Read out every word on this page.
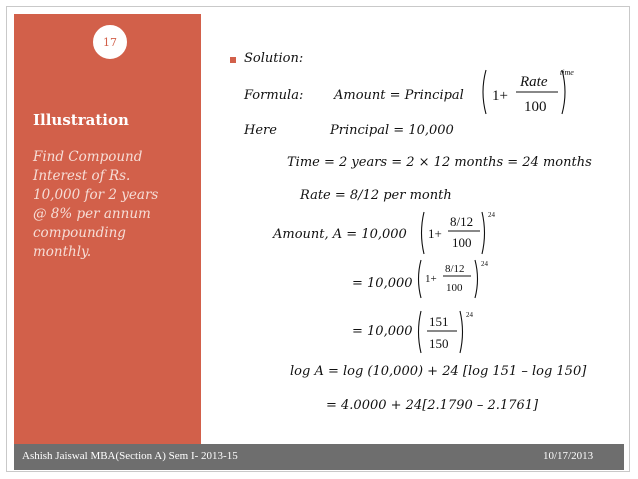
17
Illustration
Find Compound
Interest of Rs.
10,000 for 2 years
@ 8% per annum
compounding
monthly.
Solution:
Formula: Amount = Principal 1+
Rate
100
time
Here	Principal = 10,000
Time = 2 years = 2 × 12 months = 24 months
Rate = 8/12 per month
Amount, A = 10,000 1+
8/12
100
24
= 10,000 1+
8/12
100
24
= 10,000
151
150
24
log A = log (10,000) + 24 [log 151 – log 150]
= 4.0000 + 24[2.1790 – 2.1761]
Ashish Jaiswal MBA(Section A) Sem I- 2013-15	10/17/2013
